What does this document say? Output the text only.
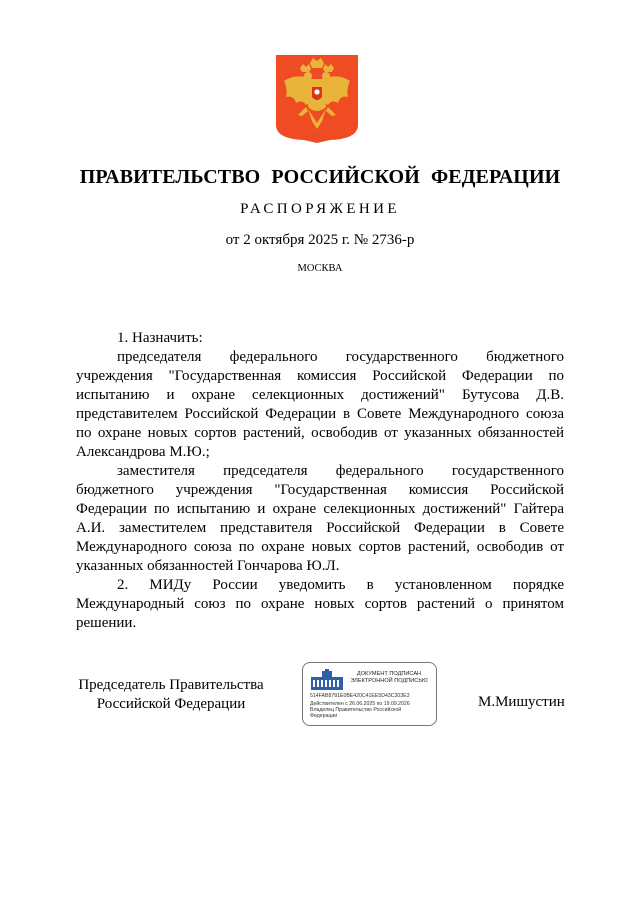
ПРАВИТЕЛЬСТВО РОССИЙСКОЙ ФЕДЕРАЦИИ
РАСПОРЯЖЕНИЕ
от 2 октября 2025 г. № 2736-р
МОСКВА

1. Назначить:

председателя федерального государственного бюджетного учреждения "Государственная комиссия Российской Федерации по испытанию и охране селекционных достижений" Бутусова Д.В. представителем Российской Федерации в Совете Международного союза по охране новых сортов растений, освободив от указанных обязанностей Александрова М.Ю.;

заместителя председателя федерального государственного бюджетного учреждения "Государственная комиссия Российской Федерации по испытанию и охране селекционных достижений" Гайтера А.И. заместителем представителя Российской Федерации в Совете Международного союза по охране новых сортов растений, освободив от указанных обязанностей Гончарова Ю.Л.

2. МИДу России уведомить в установленном порядке Международный союз по охране новых сортов растений о принятом решении.

Председатель Правительства
Российской Федерации
ДОКУМЕНТ ПОДПИСАН
ЭЛЕКТРОННОЙ ПОДПИСЬЮ
514FAB8781E0BE420C41EE5D43C303E3
Действителен с 26.06.2025 по 19.09.2026
Владелец Правительство Российской
Федерации
М.Мишустин
